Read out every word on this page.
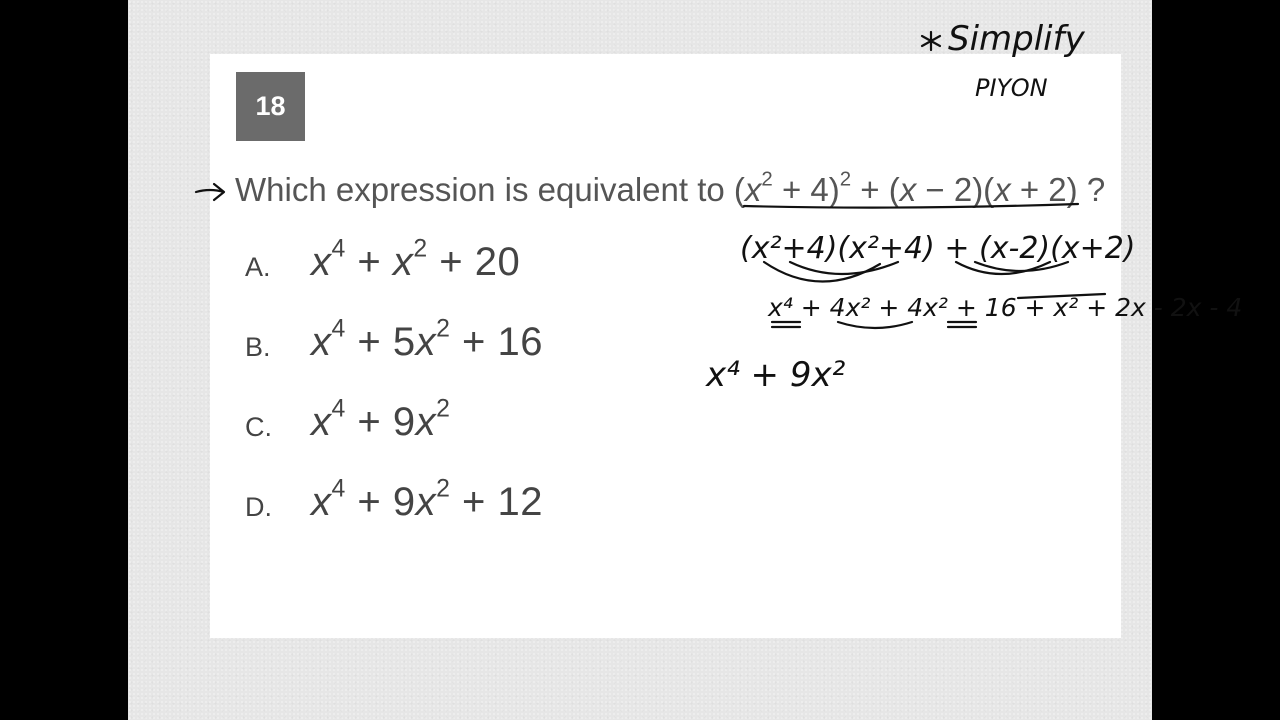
18
Which expression is equivalent to $(x^2 + 4)^2 + (x - 2)(x + 2)$ ?
A.	$x^4 + x^2 + 20$
B.	$x^4 + 5x^2 + 16$
C. $x^4 + 9x^2$
D. $x^4 + 9x^2 + 12$
Simplify
PIYON
(x²+4)(x²+4) + (x-2)(x+2)
x⁴ + 4x² + 4x² + 16 + x² + 2x - 2x - 4
x⁴ + 9x²
